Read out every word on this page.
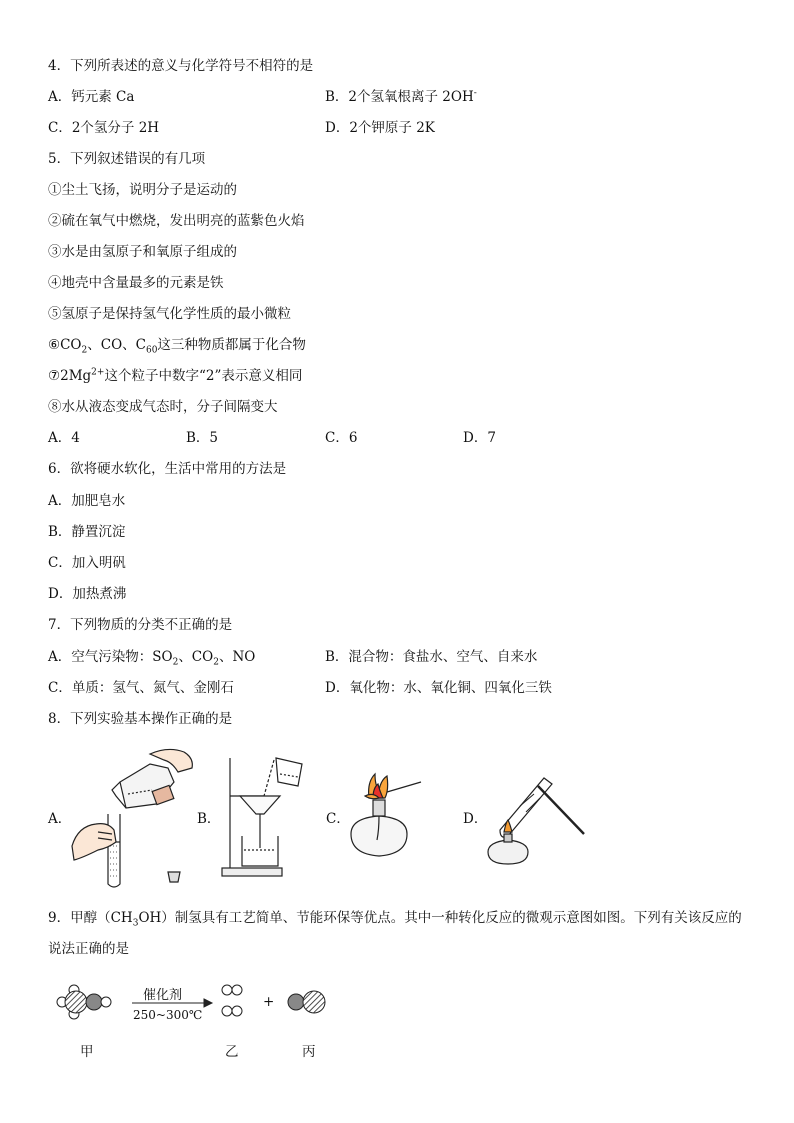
4．下列所表述的意义与化学符号不相符的是
A．钙元素 Ca	B．2个氢氧根离子 2OH-
C．2个氢分子 2H	D．2个钾原子 2K
5．下列叙述错误的有几项
①尘土飞扬，说明分子是运动的
②硫在氧气中燃烧，发出明亮的蓝紫色火焰
③水是由氢原子和氧原子组成的
④地壳中含量最多的元素是铁
⑤氢原子是保持氢气化学性质的最小微粒
$⑥CO_2$、CO、$C_{60}$这三种物质都属于化合物
$⑦2Mg^{2+}$这个粒子中数字“2”表示意义相同
⑧水从液态变成气态时，分子间隔变大
A．4	B．5	C．6	D．7
6．欲将硬水软化，生活中常用的方法是
A．加肥皂水
B．静置沉淀
C．加入明矾
D．加热煮沸
7．下列物质的分类不正确的是
A．空气污染物：$SO_2$、$CO_2$、NO	B．混合物：食盐水、空气、自来水
C．单质：氢气、氮气、金刚石	D．氧化物：水、氧化铜、四氧化三铁
8．下列实验基本操作正确的是
A．	B．	C．	D．
9．甲醇$(CH_3OH)$制氢具有工艺简单、节能环保等优点。其中一种转化反应的微观示意图如图。下列有关该反应的
说法正确的是
催化剂
250~300℃
+
甲	乙	丙
